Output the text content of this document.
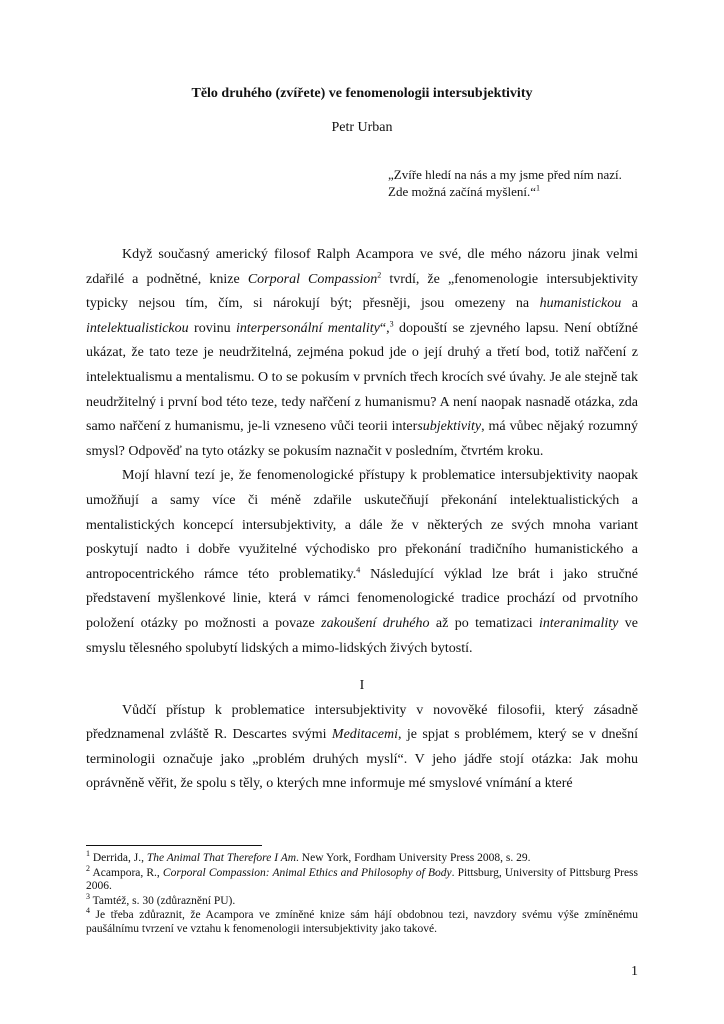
Tělo druhého (zvířete) ve fenomenologii intersubjektivity
Petr Urban
„Zvíře hledí na nás a my jsme před ním nazí.
Zde možná začíná myšlení.“$^1$

Když současný americký filosof Ralph Acampora ve své, dle mého názoru jinak velmi zdařilé a podnětné, knize Corporal Compassion$^2$ tvrdí, že „fenomenologie intersubjektivity typicky nejsou tím, čím, si nárokují být; přesněji, jsou omezeny na humanistickou a intelektualistickou rovinu interpersonální mentality“,$^3$ dopouští se zjevného lapsu. Není obtížné ukázat, že tato teze je neudržitelná, zejména pokud jde o její druhý a třetí bod, totiž nařčení z intelektualismu a mentalismu. O to se pokusím v prvních třech krocích své úvahy. Je ale stejně tak neudržitelný i první bod této teze, tedy nařčení z humanismu? A není naopak nasnadě otázka, zda samo nařčení z humanismu, je-li vzneseno vůči teorii intersubjektivity, má vůbec nějaký rozumný smysl? Odpověď na tyto otázky se pokusím naznačit v posledním, čtvrtém kroku.

Mojí hlavní tezí je, že fenomenologické přístupy k problematice intersubjektivity naopak umožňují a samy více či méně zdařile uskutečňují překonání intelektualistických a mentalistických koncepcí intersubjektivity, a dále že v některých ze svých mnoha variant poskytují nadto i dobře využitelné východisko pro překonání tradičního humanistického a antropocentrického rámce této problematiky.$^4$ Následující výklad lze brát i jako stručné představení myšlenkové linie, která v rámci fenomenologické tradice prochází od prvotního položení otázky po možnosti a povaze zakoušení druhého až po tematizaci interanimality ve smyslu tělesného spolubytí lidských a mimo-lidských živých bytostí.

I

Vůdčí přístup k problematice intersubjektivity v novověké filosofii, který zásadně předznamenal zvláště R. Descartes svými Meditacemi, je spjat s problémem, který se v dnešní terminologii označuje jako „problém druhých myslí“. V jeho jádře stojí otázka: Jak mohu oprávněně věřit, že spolu s těly, o kterých mne informuje mé smyslové vnímání a které

$^1$ Derrida, J., The Animal That Therefore I Am. New York, Fordham University Press 2008, s. 29.

$^2$ Acampora, R., Corporal Compassion: Animal Ethics and Philosophy of Body. Pittsburg, University of Pittsburg Press 2006.

$^3$ Tamtéž, s. 30 (zdůraznění PU).

$^4$ Je třeba zdůraznit, že Acampora ve zmíněné knize sám hájí obdobnou tezi, navzdory svému výše zmíněnému paušálnímu tvrzení ve vztahu k fenomenologii intersubjektivity jako takové.

1
